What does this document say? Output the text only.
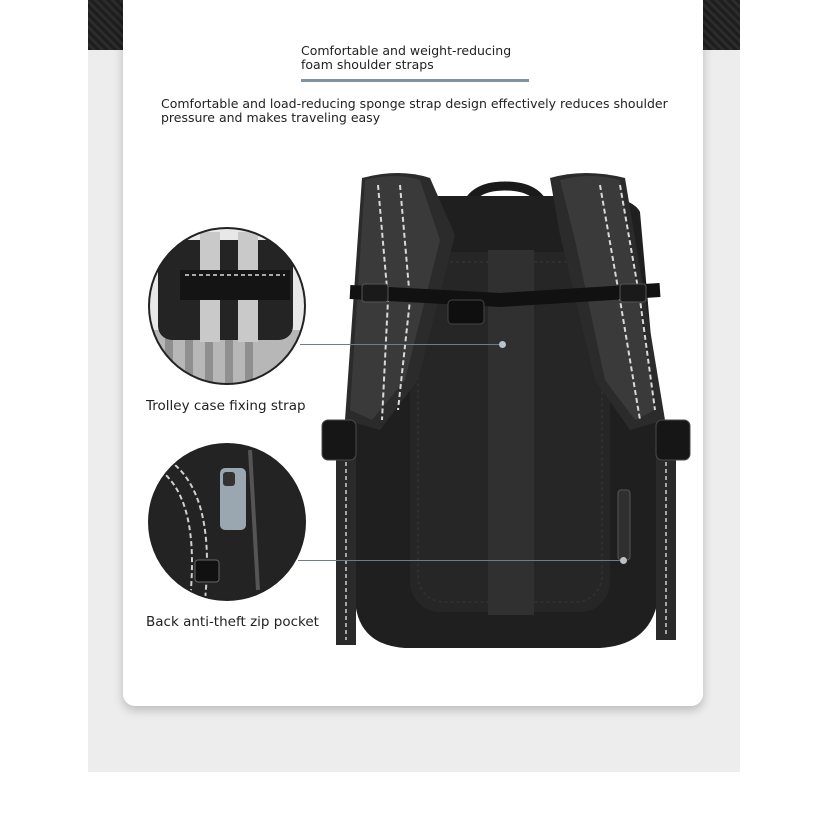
Comfortable and weight-reducing
foam shoulder straps
Comfortable and load-reducing sponge strap design effectively reduces shoulder
pressure and makes traveling easy
Trolley case fixing strap
Back anti-theft zip pocket
